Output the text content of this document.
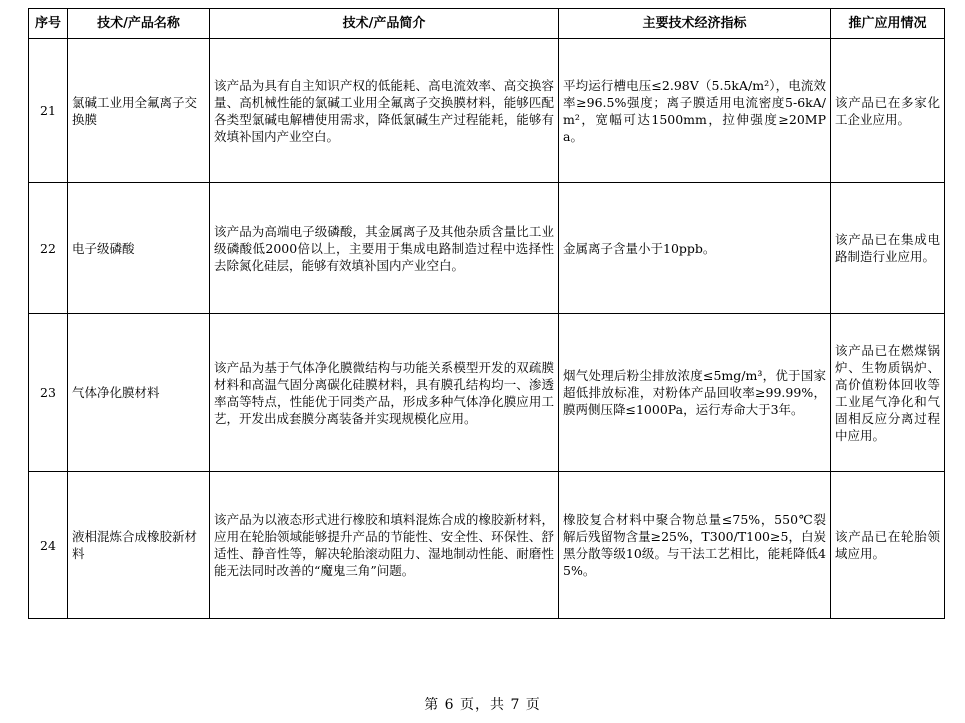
序号	技术/产品名称	技术/产品简介	主要技术经济指标	推广应用情况
21	氯碱工业用全氟离子交换膜	该产品为具有自主知识产权的低能耗、高电流效率、高交换容量、高机械性能的氯碱工业用全氟离子交换膜材料，能够匹配各类型氯碱电解槽使用需求，降低氯碱生产过程能耗，能够有效填补国内产业空白。	平均运行槽电压≤2.98V（5.5kA/m²），电流效率≥96.5%强度；离子膜适用电流密度5-6kA/m²，宽幅可达1500mm，拉伸强度≥20MPa。	该产品已在多家化工企业应用。
22	电子级磷酸	该产品为高端电子级磷酸，其金属离子及其他杂质含量比工业级磷酸低2000倍以上，主要用于集成电路制造过程中选择性去除氮化硅层，能够有效填补国内产业空白。	金属离子含量小于10ppb。	该产品已在集成电路制造行业应用。
23	气体净化膜材料	该产品为基于气体净化膜微结构与功能关系模型开发的双疏膜材料和高温气固分离碳化硅膜材料，具有膜孔结构均一、渗透率高等特点，性能优于同类产品，形成多种气体净化膜应用工艺，开发出成套膜分离装备并实现规模化应用。	烟气处理后粉尘排放浓度≤5mg/m³，优于国家超低排放标准，对粉体产品回收率≥99.99%，膜两侧压降≤1000Pa，运行寿命大于3年。	该产品已在燃煤锅炉、生物质锅炉、高价值粉体回收等工业尾气净化和气固相反应分离过程中应用。
24	液相混炼合成橡胶新材料	该产品为以液态形式进行橡胶和填料混炼合成的橡胶新材料，应用在轮胎领域能够提升产品的节能性、安全性、环保性、舒适性、静音性等，解决轮胎滚动阻力、湿地制动性能、耐磨性能无法同时改善的“魔鬼三角”问题。	橡胶复合材料中聚合物总量≤75%，550℃裂解后残留物含量≥25%，T300/T100≥5，白炭黑分散等级10级。与干法工艺相比，能耗降低45%。	该产品已在轮胎领域应用。
第 6 页，共 7 页
